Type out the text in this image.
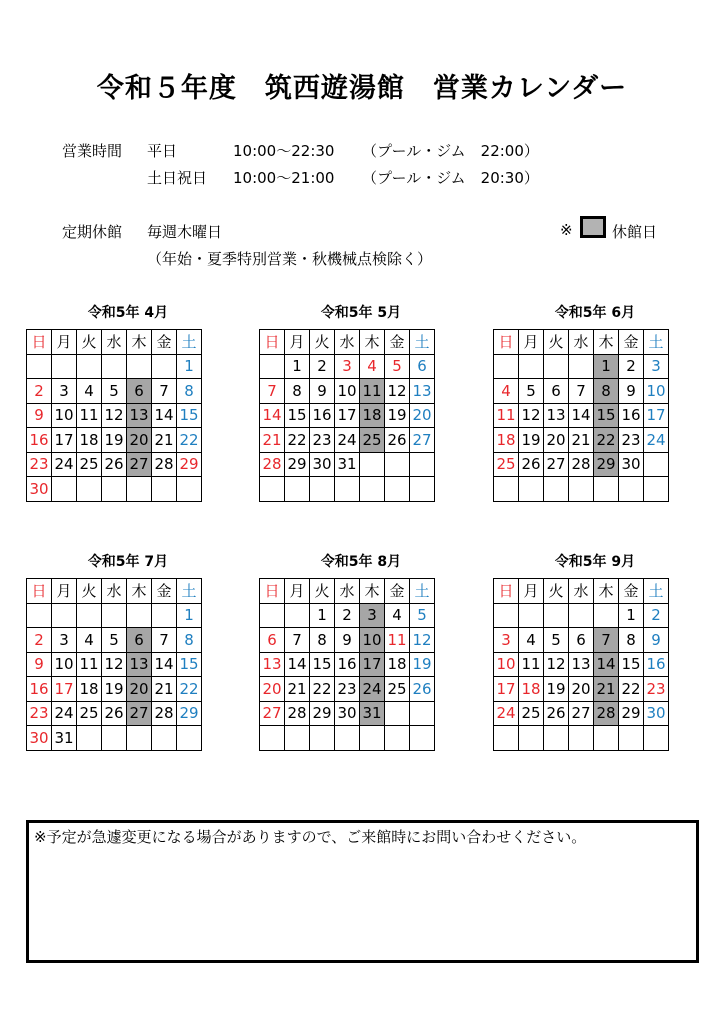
令和５年度　筑西遊湯館　営業カレンダー
営業時間 平日	10:00～22:30 （プール・ジム　22:00）
土日祝日 10:00～21:00 （プール・ジム　20:30）
定期休館 毎週木曜日
（年始・夏季特別営業・秋機械点検除く）
※	休館日
令和5年 4月
日	月	火	水	木	金	土
						1
2	3	4	5	6	7	8
9	10	11	12	13	14	15
16	17	18	19	20	21	22
23	24	25	26	27	28	29
30						
令和5年 5月
日	月	火	水	木	金	土
	1	2	3	4	5	6
7	8	9	10	11	12	13
14	15	16	17	18	19	20
21	22	23	24	25	26	27
28	29	30	31			

令和5年 6月
日	月	火	水	木	金	土
				1	2	3
4	5	6	7	8	9	10
11	12	13	14	15	16	17
18	19	20	21	22	23	24
25	26	27	28	29	30	

令和5年 7月
日	月	火	水	木	金	土
						1
2	3	4	5	6	7	8
9	10	11	12	13	14	15
16	17	18	19	20	21	22
23	24	25	26	27	28	29
30	31					
令和5年 8月
日	月	火	水	木	金	土
		1	2	3	4	5
6	7	8	9	10	11	12
13	14	15	16	17	18	19
20	21	22	23	24	25	26
27	28	29	30	31		

令和5年 9月
日	月	火	水	木	金	土
					1	2
3	4	5	6	7	8	9
10	11	12	13	14	15	16
17	18	19	20	21	22	23
24	25	26	27	28	29	30

※予定が急遽変更になる場合がありますので、ご来館時にお問い合わせください。
